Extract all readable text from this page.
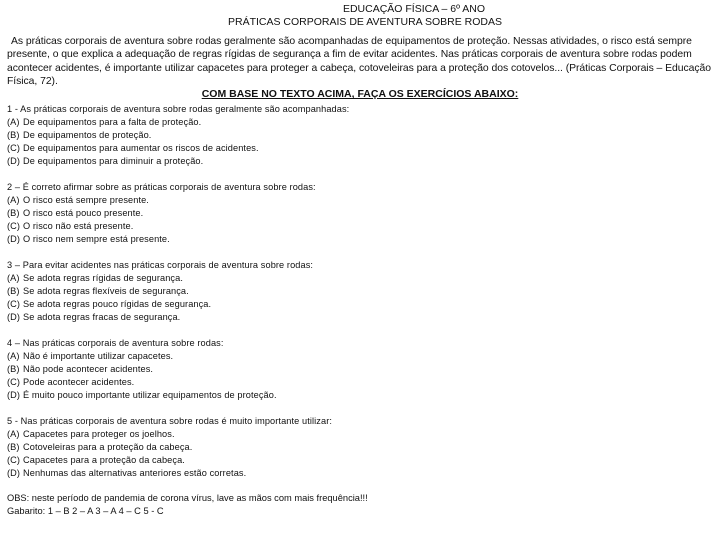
EDUCAÇÃO FÍSICA – 6º ANO
PRÁTICAS CORPORAIS DE AVENTURA SOBRE RODAS
As práticas corporais de aventura sobre rodas geralmente são acompanhadas de equipamentos de proteção. Nessas atividades, o risco está sempre presente, o que explica a adequação de regras rígidas de segurança a fim de evitar acidentes. Nas práticas corporais de aventura sobre rodas podem acontecer acidentes, é importante utilizar capacetes para proteger a cabeça, cotoveleiras para a proteção dos cotovelos... (Práticas Corporais – Educação Física, 72).
COM BASE NO TEXTO ACIMA, FAÇA OS EXERCÍCIOS ABAIXO:
1 - As práticas corporais de aventura sobre rodas geralmente são acompanhadas:
(A) De equipamentos para a falta de proteção.
(B) De equipamentos de proteção.
(C) De equipamentos para aumentar os riscos de acidentes.
(D) De equipamentos para diminuir a proteção.
2 – É correto afirmar sobre as práticas corporais de aventura sobre rodas:
(A) O risco está sempre presente.
(B) O risco está pouco presente.
(C) O risco não está presente.
(D) O risco nem sempre está presente.
3 – Para evitar acidentes nas práticas corporais de aventura sobre rodas:
(A) Se adota regras rígidas de segurança.
(B) Se adota regras flexíveis de segurança.
(C) Se adota regras pouco rígidas de segurança.
(D) Se adota regras fracas de segurança.
4 – Nas práticas corporais de aventura sobre rodas:
(A) Não é importante utilizar capacetes.
(B) Não pode acontecer acidentes.
(C) Pode acontecer acidentes.
(D) É muito pouco importante utilizar equipamentos de proteção.
5 - Nas práticas corporais de aventura sobre rodas é muito importante utilizar:
(A) Capacetes para proteger os joelhos.
(B) Cotoveleiras para a proteção da cabeça.
(C) Capacetes para a proteção da cabeça.
(D) Nenhumas das alternativas anteriores estão corretas.
OBS: neste período de pandemia de corona vírus, lave as mãos com mais frequência!!!
Gabarito: 1 – B 2 – A 3 – A 4 – C 5 - C
